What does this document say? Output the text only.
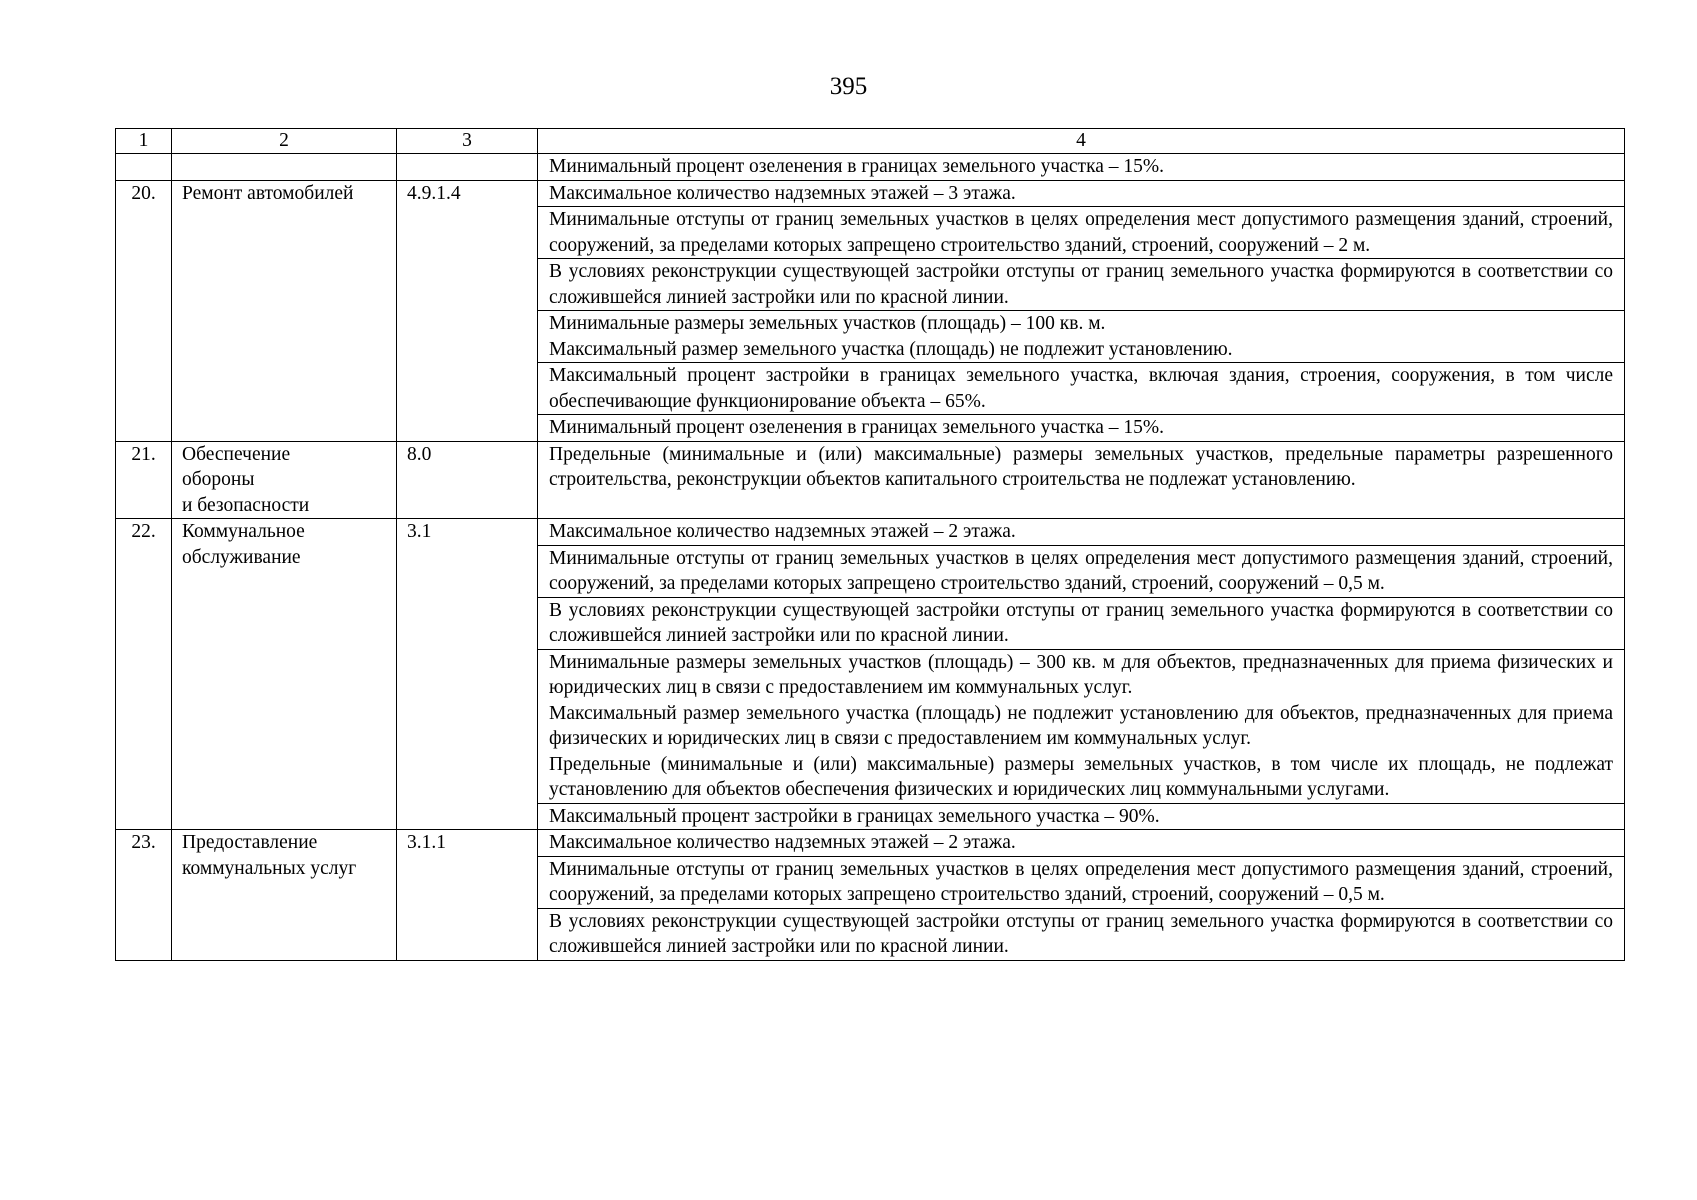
395
1	2	3	4
			Минимальный процент озеленения в границах земельного участка – 15%.
20.	Ремонт автомобилей	4.9.1.4	Максимальное количество надземных этажей – 3 этажа.
			Минимальные отступы от границ земельных участков в целях определения мест допустимого размещения зданий, строений, сооружений, за пределами которых запрещено строительство зданий, строений, сооружений – 2 м.
			В условиях реконструкции существующей застройки отступы от границ земельного участка формируются в соответствии со сложившейся линией застройки или по красной линии.

			Минимальные размеры земельных участков (площадь) – 100 кв. м.
Максимальный размер земельного участка (площадь) не подлежит установлению.

			Максимальный процент застройки в границах земельного участка, включая здания, строения, сооружения, в том числе обеспечивающие функционирование объекта – 65%.
			Минимальный процент озеленения в границах земельного участка – 15%.
21.	Обеспечение
обороны
и безопасности	8.0	Предельные (минимальные и (или) максимальные) размеры земельных участков, предельные параметры разрешенного строительства, реконструкции объектов капитального строительства не подлежат установлению.
22.	Коммунальное
обслуживание	3.1	Максимальное количество надземных этажей – 2 этажа.
			Минимальные отступы от границ земельных участков в целях определения мест допустимого размещения зданий, строений, сооружений, за пределами которых запрещено строительство зданий, строений, сооружений – 0,5 м.
			В условиях реконструкции существующей застройки отступы от границ земельного участка формируются в соответствии со сложившейся линией застройки или по красной линии.

			Минимальные размеры земельных участков (площадь) – 300 кв. м для объектов, предназначенных для приема физических и юридических лиц в связи с предоставлением им коммунальных услуг.
Максимальный размер земельного участка (площадь) не подлежит установлению для объектов, предназначенных для приема физических и юридических лиц в связи с предоставлением им коммунальных услуг.
Предельные (минимальные и (или) максимальные) размеры земельных участков, в том числе их площадь, не подлежат установлению для объектов обеспечения физических и юридических лиц коммунальными услугами.

			Максимальный процент застройки в границах земельного участка – 90%.
23.	Предоставление
коммунальных услуг	3.1.1	Максимальное количество надземных этажей – 2 этажа.
			Минимальные отступы от границ земельных участков в целях определения мест допустимого размещения зданий, строений, сооружений, за пределами которых запрещено строительство зданий, строений, сооружений – 0,5 м.
			В условиях реконструкции существующей застройки отступы от границ земельного участка формируются в соответствии со сложившейся линией застройки или по красной линии.
